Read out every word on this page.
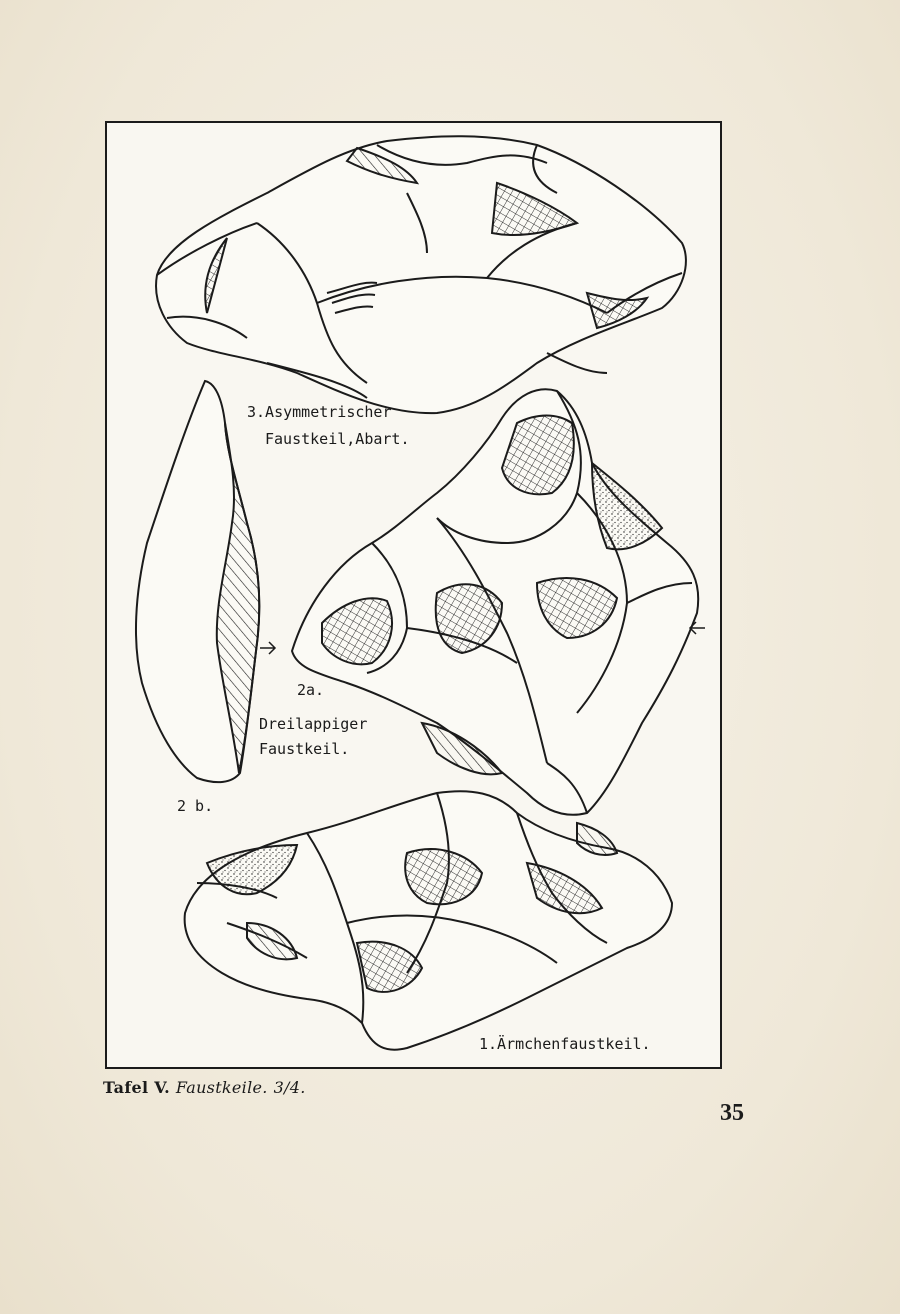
3.Asymmetrischer
Faustkeil,Abart.
2a.
Dreilappiger
Faustkeil.
2 b.
1.Ärmchenfaustkeil.
Tafel V. Faustkeile. 3/4.
35
